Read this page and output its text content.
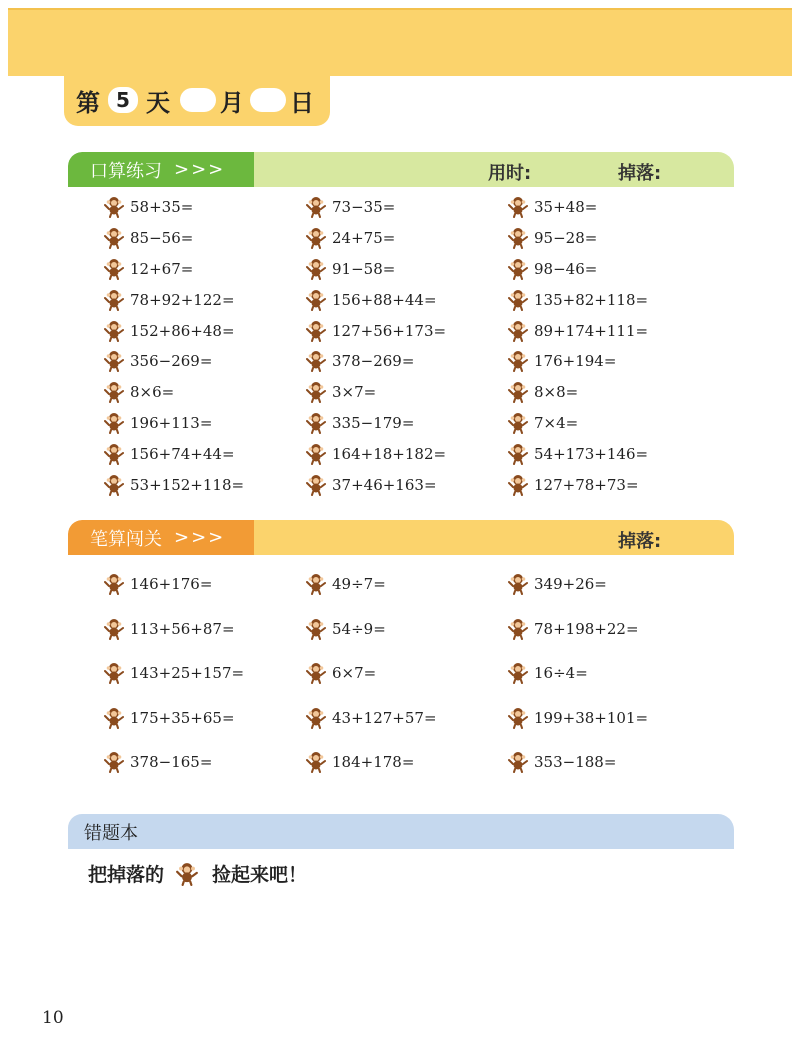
第 5 天 月 日
口算练习 >>>	用时:	掉落:
58+35=	73−35=	35+48=
85−56=	24+75=	95−28=
12+67=	91−58=	98−46=
78+92+122=	156+88+44=	135+82+118=
152+86+48=	127+56+173=	89+174+111=
356−269=	378−269=	176+194=
8×6=	3×7=	8×8=
196+113=	335−179=	7×4=
156+74+44=	164+18+182=	54+173+146=
53+152+118=	37+46+163=	127+78+73=
笔算闯关 >>>	掉落:
146+176=	49÷7=	349+26=
113+56+87=	54÷9=	78+198+22=
143+25+157=	6×7=	16÷4=
175+35+65=	43+127+57=	199+38+101=
378−165=	184+178=	353−188=
错题本
把掉落的	捡起来吧！
10
